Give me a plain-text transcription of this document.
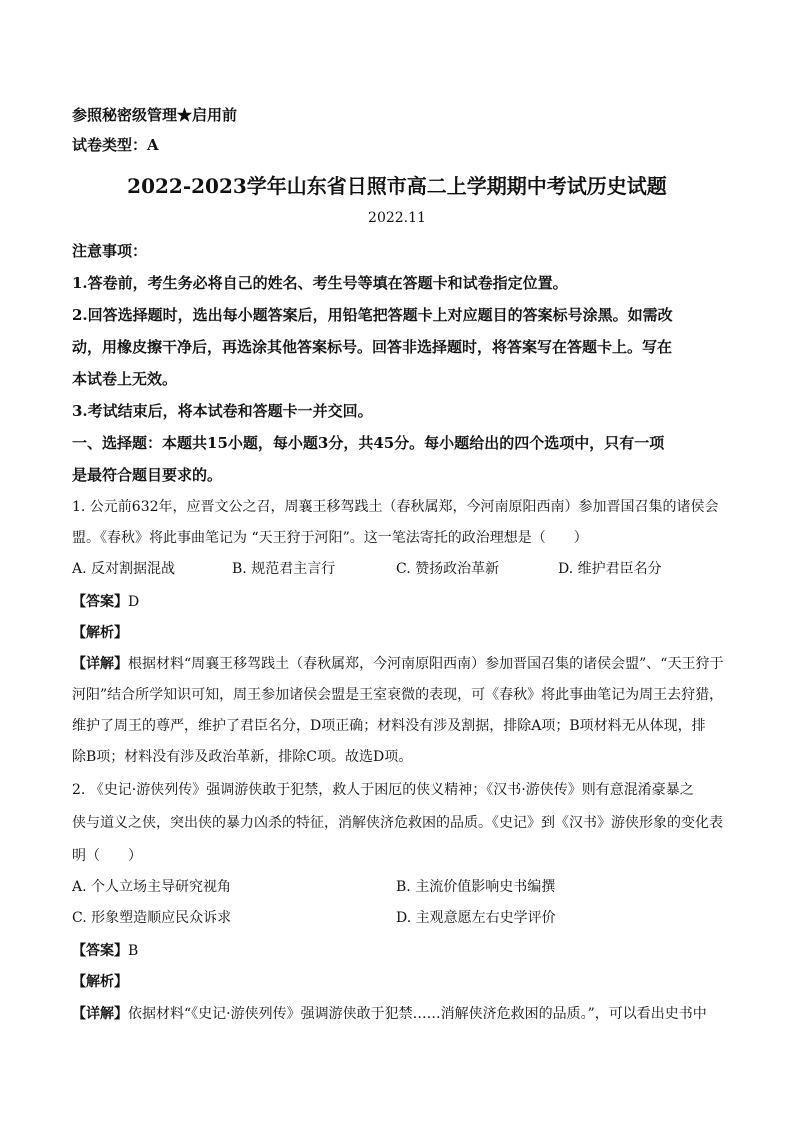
参照秘密级管理★启用前
试卷类型：A
2022-2023学年山东省日照市高二上学期期中考试历史试题
2022.11
注意事项：
1.答卷前，考生务必将自己的姓名、考生号等填在答题卡和试卷指定位置。
2.回答选择题时，选出每小题答案后，用铅笔把答题卡上对应题目的答案标号涂黑。如需改
动，用橡皮擦干净后，再选涂其他答案标号。回答非选择题时，将答案写在答题卡上。写在
本试卷上无效。
3.考试结束后，将本试卷和答题卡一并交回。
一、选择题：本题共15小题，每小题3分，共45分。每小题给出的四个选项中，只有一项
是最符合题目要求的。
1. 公元前632年，应晋文公之召，周襄王移驾践土（春秋属郑，今河南原阳西南）参加晋国召集的诸侯会
盟。《春秋》将此事曲笔记为 “天王狩于河阳”。这一笔法寄托的政治理想是（　　）
A. 反对割据混战	B. 规范君主言行	C. 赞扬政治革新	D. 维护君臣名分
【答案】D
【解析】
【详解】根据材料“周襄王移驾践土（春秋属郑，今河南原阳西南）参加晋国召集的诸侯会盟”、“天王狩于
河阳”结合所学知识可知，周王参加诸侯会盟是王室衰微的表现，可《春秋》将此事曲笔记为周王去狩猎，
维护了周王的尊严，维护了君臣名分，D项正确；材料没有涉及割据，排除A项；B项材料无从体现，排
除B项；材料没有涉及政治革新，排除C项。故选D项。
2. 《史记·游侠列传》强调游侠敢于犯禁，救人于困厄的侠义精神；《汉书·游侠传》则有意混淆豪暴之
侠与道义之侠，突出侠的暴力凶杀的特征，消解侠济危救困的品质。《史记》到《汉书》游侠形象的变化表
明（　　）
A. 个人立场主导研究视角	B. 主流价值影响史书编撰
C. 形象塑造顺应民众诉求	D. 主观意愿左右史学评价
【答案】B
【解析】
【详解】依据材料“《史记·游侠列传》强调游侠敢于犯禁……消解侠济危救困的品质。”，可以看出史书中
